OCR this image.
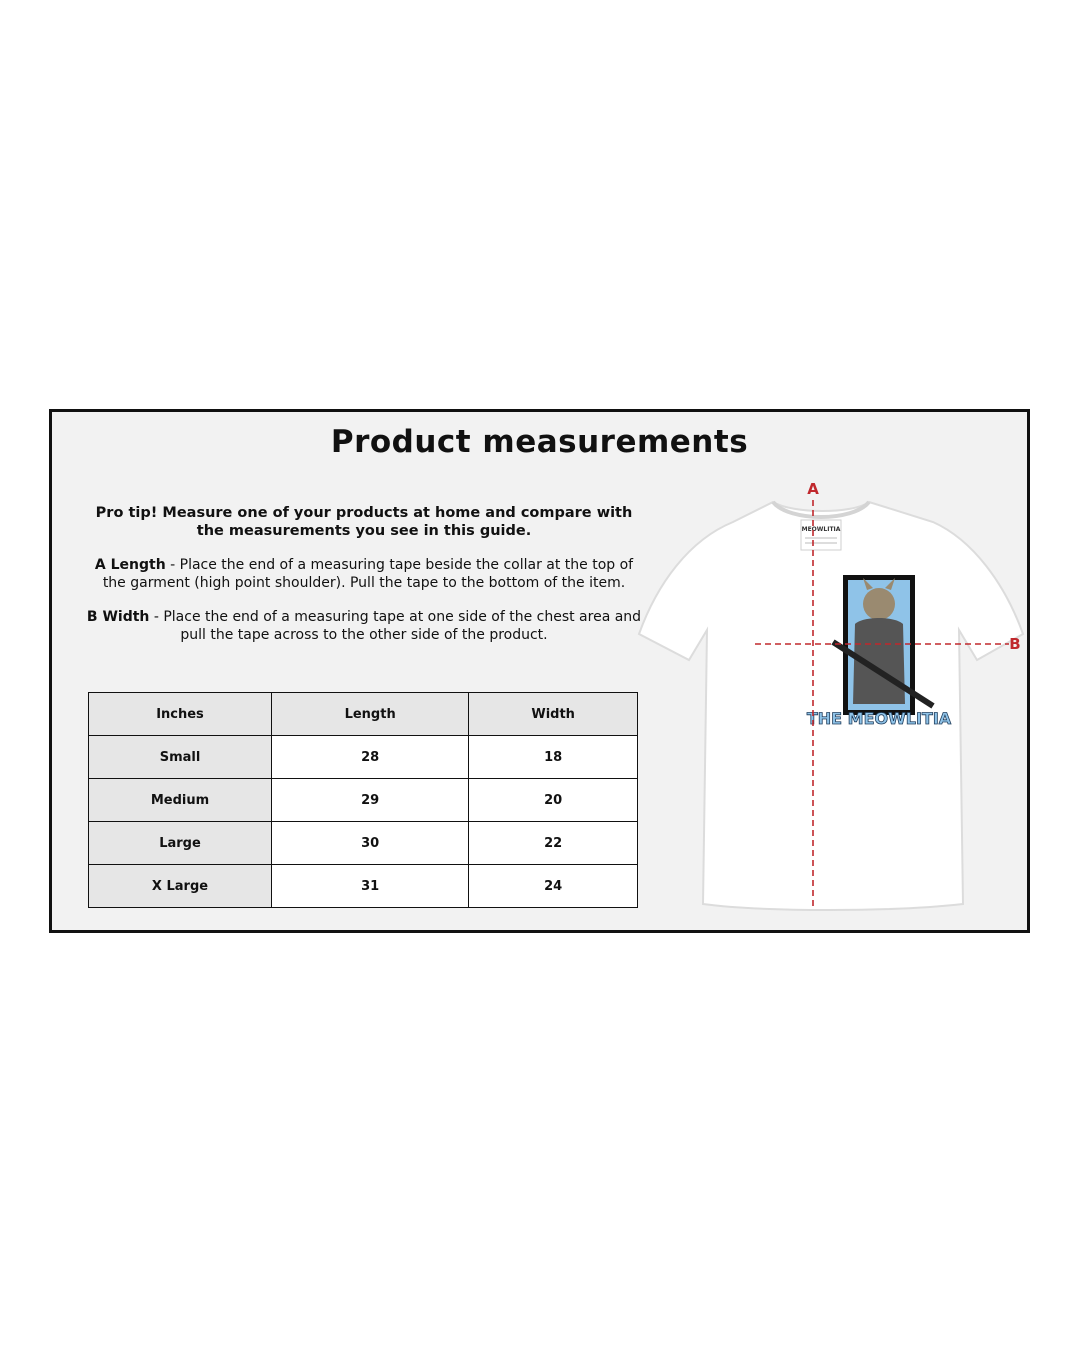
Product measurements

Pro tip! Measure one of your products at home and compare with the measurements you see in this guide.

A Length - Place the end of a measuring tape beside the collar at the top of the garment (high point shoulder). Pull the tape to the bottom of the item.

B Width - Place the end of a measuring tape at one side of the chest area and pull the tape across to the other side of the product.

Inches	Length	Width
Small	28	18
Medium	29	20
Large	30	22
X Large	31	24
MEOWLITIA
THE MEOWLITIA
A
B
